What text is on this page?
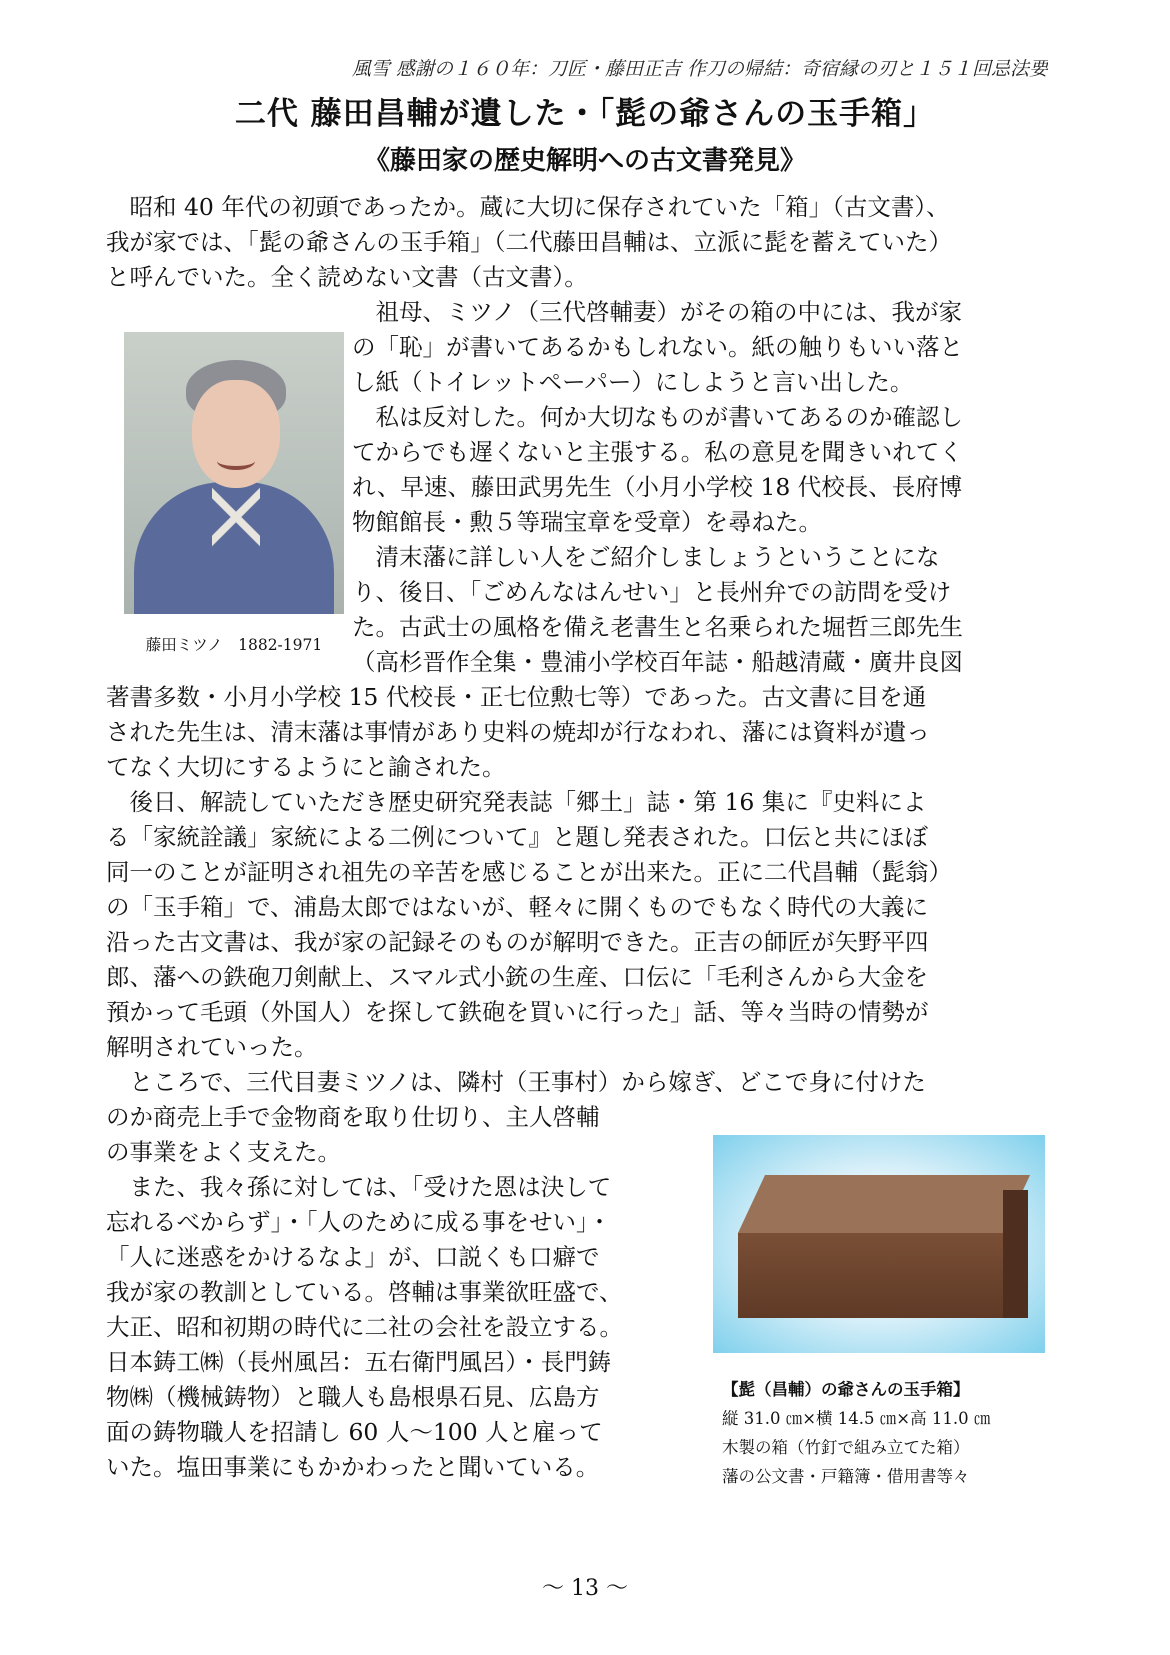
風雪 感謝の１６０年：刀匠・藤田正吉 作刀の帰結：奇宿縁の刃と１５１回忌法要
二代 藤田昌輔が遺した・「髭の爺さんの玉手箱」
《藤田家の歴史解明への古文書発見》
　昭和 40 年代の初頭であったか。蔵に大切に保存されていた「箱」（古文書）、
我が家では、「髭の爺さんの玉手箱」（二代藤田昌輔は、立派に髭を蓄えていた）
と呼んでいた。全く読めない文書（古文書）。
　祖母、ミツノ（三代啓輔妻）がその箱の中には、我が家
の「恥」が書いてあるかもしれない。紙の触りもいい落と
し紙（トイレットペーパー）にしようと言い出した。
　私は反対した。何か大切なものが書いてあるのか確認し
てからでも遅くないと主張する。私の意見を聞きいれてく
れ、早速、藤田武男先生（小月小学校 18 代校長、長府博
物館館長・勲５等瑞宝章を受章）を尋ねた。
　清末藩に詳しい人をご紹介しましょうということにな
り、後日、「ごめんなはんせい」と長州弁での訪問を受け
た。古武士の風格を備え老書生と名乗られた堀哲三郎先生
（高杉晋作全集・豊浦小学校百年誌・船越清蔵・廣井良図
著書多数・小月小学校 15 代校長・正七位勲七等）であった。古文書に目を通
された先生は、清末藩は事情があり史料の焼却が行なわれ、藩には資料が遺っ
てなく大切にするようにと諭された。
　後日、解読していただき歴史研究発表誌「郷土」誌・第 16 集に『史料によ
る「家統詮議」家統による二例について』と題し発表された。口伝と共にほぼ
同一のことが証明され祖先の辛苦を感じることが出来た。正に二代昌輔（髭翁）
の「玉手箱」で、浦島太郎ではないが、軽々に開くものでもなく時代の大義に
沿った古文書は、我が家の記録そのものが解明できた。正吉の師匠が矢野平四
郎、藩への鉄砲刀剣献上、スマル式小銃の生産、口伝に「毛利さんから大金を
預かって毛頭（外国人）を探して鉄砲を買いに行った」話、等々当時の情勢が
解明されていった。
　ところで、三代目妻ミツノは、隣村（王事村）から嫁ぎ、どこで身に付けた
のか商売上手で金物商を取り仕切り、主人啓輔
の事業をよく支えた。
　また、我々孫に対しては、「受けた恩は決して
忘れるべからず」・「人のために成る事をせい」・
「人に迷惑をかけるなよ」が、口説くも口癖で
我が家の教訓としている。啓輔は事業欲旺盛で、
大正、昭和初期の時代に二社の会社を設立する。
日本鋳工㈱（長州風呂：五右衛門風呂）・長門鋳
物㈱（機械鋳物）と職人も島根県石見、広島方
面の鋳物職人を招請し 60 人～100 人と雇って
いた。塩田事業にもかかわったと聞いている。
藤田ミツノ　1882-1971
【髭（昌輔）の爺さんの玉手箱】
縦 31.0 ㎝×横 14.5 ㎝×高 11.0 ㎝
木製の箱（竹釘で組み立てた箱）
藩の公文書・戸籍簿・借用書等々
～ 13 ～
